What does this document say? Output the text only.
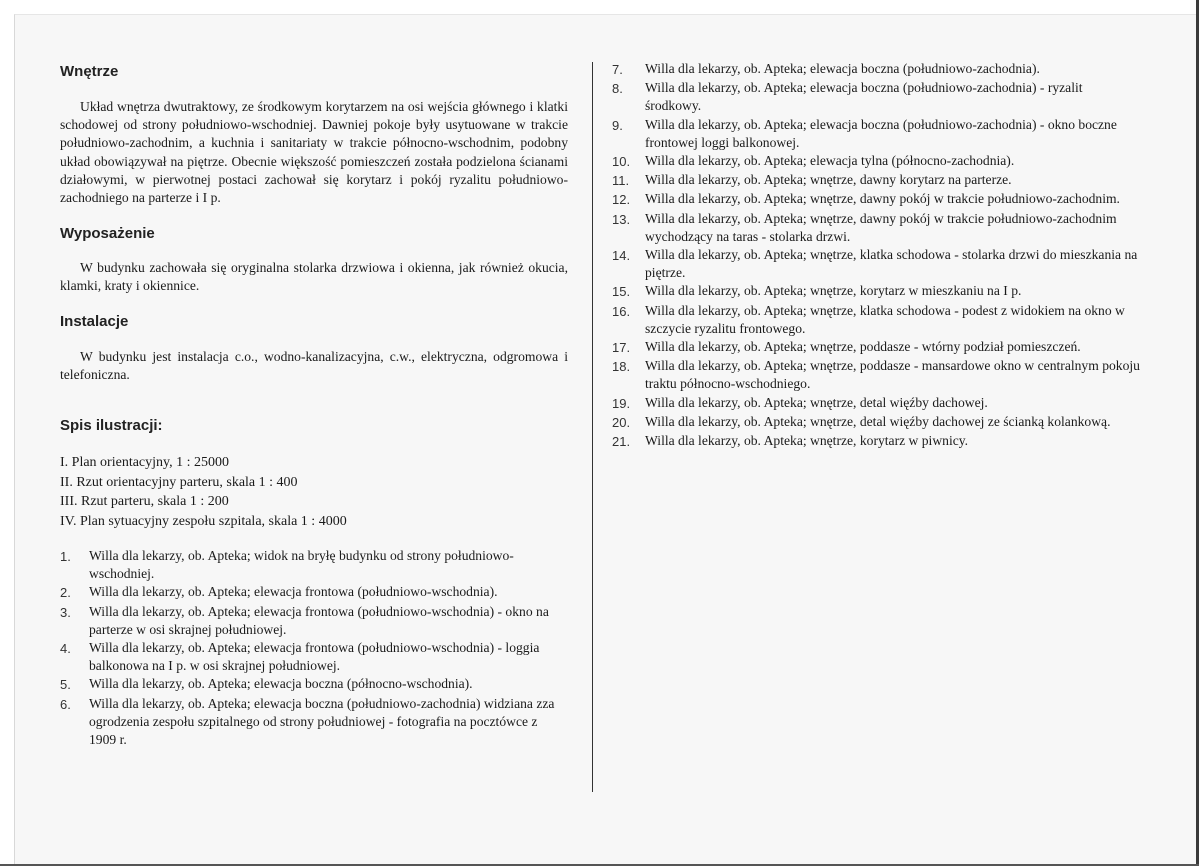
Wnętrze

Układ wnętrza dwutraktowy, ze środkowym korytarzem na osi wejścia głównego i klatki schodowej od strony południowo-wschodniej. Dawniej pokoje były usytuowane w trakcie południowo-zachodnim, a kuchnia i sanitariaty w trakcie północno-wschodnim, podobny układ obowiązywał na piętrze. Obecnie większość pomieszczeń została podzielona ścianami działowymi, w pierwotnej postaci zachował się korytarz i pokój ryzalitu południowo-zachodniego na parterze i I p.

Wyposażenie

W budynku zachowała się oryginalna stolarka drzwiowa i okienna, jak również okucia, klamki, kraty i okiennice.

Instalacje

W budynku jest instalacja c.o., wodno-kanalizacyjna, c.w., elektryczna, odgromowa i telefoniczna.

Spis ilustracji:
I. Plan orientacyjny, 1 : 25000
II. Rzut orientacyjny parteru, skala 1 : 400
III. Rzut parteru, skala 1 : 200
IV. Plan sytuacyjny zespołu szpitala, skala 1 : 4000
1.	Willa dla lekarzy, ob. Apteka; widok na bryłę budynku od strony południowo- wschodniej.
2.	Willa dla lekarzy, ob. Apteka; elewacja frontowa (południowo-wschodnia).
3.	Willa dla lekarzy, ob. Apteka; elewacja frontowa (południowo-wschodnia) - okno na parterze w osi skrajnej południowej.
4.	Willa dla lekarzy, ob. Apteka; elewacja frontowa (południowo-wschodnia) - loggia balkonowa na I p. w osi skrajnej południowej.
5.	Willa dla lekarzy, ob. Apteka; elewacja boczna (północno-wschodnia).
6.	Willa dla lekarzy, ob. Apteka; elewacja boczna (południowo-zachodnia) widziana zza ogrodzenia zespołu szpitalnego od strony południowej - fotografia na pocztówce z 1909 r.
7.	Willa dla lekarzy, ob. Apteka; elewacja boczna (południowo-zachodnia).
8.	Willa dla lekarzy, ob. Apteka; elewacja boczna (południowo-zachodnia) - ryzalit środkowy.
9.	Willa dla lekarzy, ob. Apteka; elewacja boczna (południowo-zachodnia) - okno boczne frontowej loggi balkonowej.
10.	Willa dla lekarzy, ob. Apteka; elewacja tylna (północno-zachodnia).
11.	Willa dla lekarzy, ob. Apteka; wnętrze, dawny korytarz na parterze.
12.	Willa dla lekarzy, ob. Apteka; wnętrze, dawny pokój w trakcie południowo-zachodnim.
13.	Willa dla lekarzy, ob. Apteka; wnętrze, dawny pokój w trakcie południowo-zachodnim wychodzący na taras - stolarka drzwi.
14.	Willa dla lekarzy, ob. Apteka; wnętrze, klatka schodowa - stolarka drzwi do mieszkania na piętrze.
15.	Willa dla lekarzy, ob. Apteka; wnętrze, korytarz w mieszkaniu na I p.
16.	Willa dla lekarzy, ob. Apteka; wnętrze, klatka schodowa - podest z widokiem na okno w szczycie ryzalitu frontowego.
17.	Willa dla lekarzy, ob. Apteka; wnętrze, poddasze - wtórny podział pomieszczeń.
18.	Willa dla lekarzy, ob. Apteka; wnętrze, poddasze - mansardowe okno w centralnym pokoju traktu północno-wschodniego.
19.	Willa dla lekarzy, ob. Apteka; wnętrze, detal więźby dachowej.
20.	Willa dla lekarzy, ob. Apteka; wnętrze, detal więźby dachowej ze ścianką kolankową.
21.	Willa dla lekarzy, ob. Apteka; wnętrze, korytarz w piwnicy.
